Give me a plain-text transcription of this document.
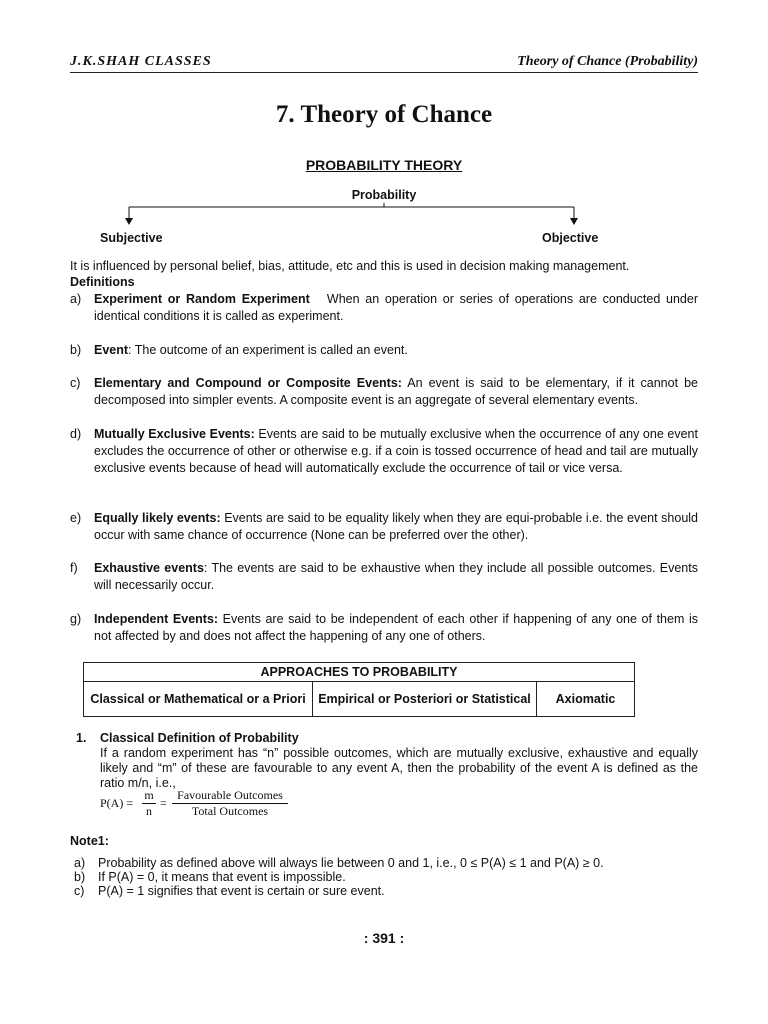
J.K.SHAH CLASSES	Theory of Chance (Probability)
7. Theory of Chance
PROBABILITY THEORY
Probability
Subjective	Objective
It is influenced by personal belief, bias, attitude, etc and this is used in decision making management.
Definitions
a) Experiment or Random Experiment   When an operation or series of operations are conducted under identical conditions it is called as experiment.
b) Event: The outcome of an experiment is called an event.
c) Elementary and Compound or Composite Events: An event is said to be elementary, if it cannot be decomposed into simpler events. A composite event is an aggregate of several elementary events.
d) Mutually Exclusive Events: Events are said to be mutually exclusive when the occurrence of any one event excludes the occurrence of other or otherwise e.g. if a coin is tossed occurrence of head and tail are mutually exclusive events because of head will automatically exclude the occurrence of tail or vice versa.
e) Equally likely events: Events are said to be equality likely when they are equi-probable i.e. the event should occur with same chance of occurrence (None can be preferred over the other).
f) Exhaustive events: The events are said to be exhaustive when they include all possible outcomes. Events will necessarily occur.
g) Independent Events: Events are said to be independent of each other if happening of any one of them is not affected by and does not affect the happening of any one of others.
APPROACHES TO PROBABILITY
Classical or Mathematical or a Priori	Empirical or Posteriori or Statistical	Axiomatic
1. Classical Definition of Probability
If a random experiment has “n” possible outcomes, which are mutually exclusive, exhaustive and equally likely and “m” of these are favourable to any event A, then the probability of the event A is defined as the ratio m/n, i.e.,
$P(A) = \frac{m}{n}$ =
Favourable Outcomes
Total Outcomes
Note1:
a) Probability as defined above will always lie between 0 and 1, i.e., 0 ≤ P(A) ≤ 1 and P(A) ≥ 0.
b) If P(A) = 0, it means that event is impossible.
c) P(A) = 1 signifies that event is certain or sure event.
: 391 :
